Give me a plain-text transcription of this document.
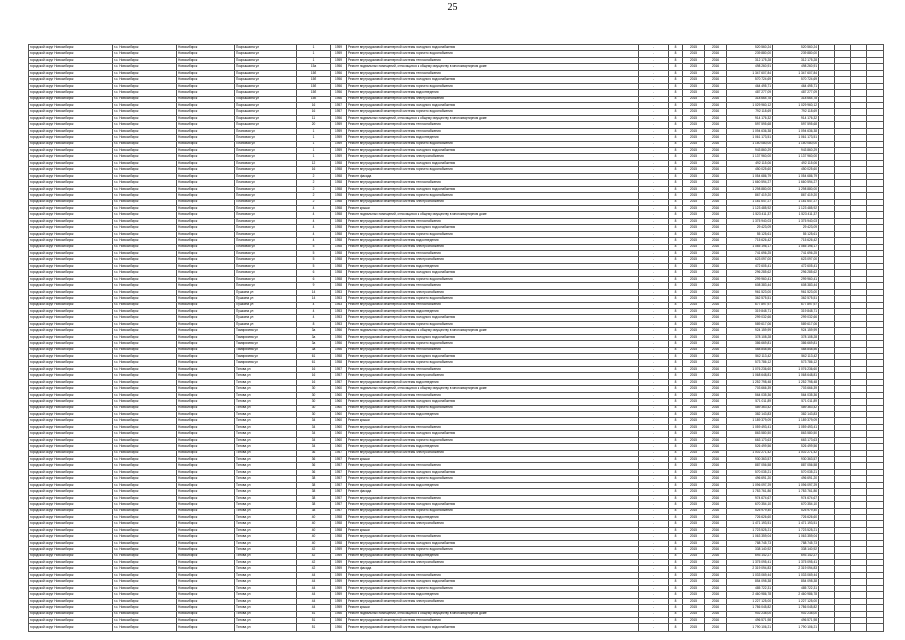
25
городской округ Новосибирск	г.о. Новосибирск	Новосибирск	Покрышкина ул	1	1959	Ремонт внутридомовой инженерной системы холодного водоснабжения	-	8	2015	2016	520 560,24	520 560,24				
городской округ Новосибирск	г.о. Новосибирск	Новосибирск	Покрышкина ул	1	1959	Ремонт внутридомовой инженерной системы горячего водоснабжения	-	8	2015	2016	239 880,00	239 880,00				
городской округ Новосибирск	г.о. Новосибирск	Новосибирск	Покрышкина ул	1	1959	Ремонт внутридомовой инженерной системы теплоснабжения	-	8	2015	2016	312 175,28	312 175,28				
городской округ Новосибирск	г.о. Новосибирск	Новосибирск	Покрышкина ул	15а	1956	Ремонт подвальных помещений, относящихся к общему имуществу в многоквартирном доме	-	8	2015	2016	498 260,91	498 260,91				
городской округ Новосибирск	г.о. Новосибирск	Новосибирск	Покрышкина ул	15б	1956	Ремонт внутридомовой инженерной системы теплоснабжения	-	8	2015	2016	1 347 607,84	1 347 607,84				
городской округ Новосибирск	г.о. Новосибирск	Новосибирск	Покрышкина ул	15б	1956	Ремонт внутридомовой инженерной системы холодного водоснабжения	-	8	2015	2016	570 724,69	570 724,69				
городской округ Новосибирск	г.о. Новосибирск	Новосибирск	Покрышкина ул	15б	1956	Ремонт внутридомовой инженерной системы горячего водоснабжения	-	8	2015	2016	464 495,71	464 495,71				
городской округ Новосибирск	г.о. Новосибирск	Новосибирск	Покрышкина ул	15б	1956	Ремонт внутридомовой инженерной системы водоотведения	-	8	2015	2016	487 277,09	487 277,09				
городской округ Новосибирск	г.о. Новосибирск	Новосибирск	Покрышкина ул	15б	1956	Ремонт внутридомовой инженерной системы электроснабжения	-	8	2015	2016	318 664,78	318 664,78				
городской округ Новосибирск	г.о. Новосибирск	Новосибирск	Покрышкина ул	16	1957	Ремонт внутридомовой инженерной системы холодного водоснабжения	-	8	2015	2016	1 029 960,12	1 029 960,12				
городской округ Новосибирск	г.о. Новосибирск	Новосибирск	Покрышкина ул	16	1957	Ремонт внутридомовой инженерной системы горячего водоснабжения	-	8	2015	2016	792 118,69	792 118,69				
городской округ Новосибирск	г.о. Новосибирск	Новосибирск	Покрышкина ул	11	1956	Ремонт подвальных помещений, относящихся к общему имуществу в многоквартирном доме	-	8	2015	2016	914 176,32	914 176,32				
городской округ Новосибирск	г.о. Новосибирск	Новосибирск	Покрышкина ул	20	1959	Ремонт внутридомовой инженерной системы теплоснабжения	-	8	2015	2016	597 595,68	597 595,68				
городской округ Новосибирск	г.о. Новосибирск	Новосибирск	Плановая ул	1	1959	Ремонт внутридомовой инженерной системы теплоснабжения	-	8	2015	2016	1 094 636,38	1 094 636,38				
городской округ Новосибирск	г.о. Новосибирск	Новосибирск	Плановая ул	1	1959	Ремонт внутридомовой инженерной системы водоотведения	-	8	2015	2016	1 061 173,51	1 061 173,51				
городской округ Новосибирск	г.о. Новосибирск	Новосибирск	Плановая ул	1	1959	Ремонт внутридомовой инженерной системы горячего водоснабжения	-	8	2015	2016	1 150 080,00	1 150 080,00				
городской округ Новосибирск	г.о. Новосибирск	Новосибирск	Плановая ул	1	1959	Ремонт внутридомовой инженерной системы холодного водоснабжения	-	8	2015	2016	943 860,29	943 860,29				
городской округ Новосибирск	г.о. Новосибирск	Новосибирск	Плановая ул	1	1959	Ремонт внутридомовой инженерной системы электроснабжения	-	8	2015	2016	1 137 960,00	1 137 960,00				
городской округ Новосибирск	г.о. Новосибирск	Новосибирск	Плановая ул	12	1958	Ремонт внутридомовой инженерной системы холодного водоснабжения	-	8	2015	2016	492 115,06	492 115,06				
городской округ Новосибирск	г.о. Новосибирск	Новосибирск	Плановая ул	16	1958	Ремонт внутридомовой инженерной системы горячего водоснабжения	-	8	2015	2016	450 025,60	450 025,60				
городской округ Новосибирск	г.о. Новосибирск	Новосибирск	Плановая ул	2	1958	Ремонт фасада	-	8	2015	2016	1 054 686,79	1 054 686,79				
городской округ Новосибирск	г.о. Новосибирск	Новосибирск	Плановая ул	2	1958	Ремонт внутридомовой инженерной системы теплоснабжения	-	8	2015	2016	1 660 594,27	1 660 594,27				
городской округ Новосибирск	г.о. Новосибирск	Новосибирск	Плановая ул	2	1958	Ремонт внутридомовой инженерной системы холодного водоснабжения	-	8	2015	2016	1 298 880,00	1 298 880,00				
городской округ Новосибирск	г.о. Новосибирск	Новосибирск	Плановая ул	2	1958	Ремонт внутридомовой инженерной системы горячего водоснабжения	-	8	2015	2016	867 419,20	867 419,20				
городской округ Новосибирск	г.о. Новосибирск	Новосибирск	Плановая ул	2	1958	Ремонт внутридомовой инженерной системы электроснабжения	-	8	2015	2016	1 181 647,27	1 181 647,27				
городской округ Новосибирск	г.о. Новосибирск	Новосибирск	Плановая ул	4	1958	Ремонт крыши	-	8	2015	2016	1 123 485,92	1 123 485,92				
городской округ Новосибирск	г.о. Новосибирск	Новосибирск	Плановая ул	4	1958	Ремонт подвальных помещений, относящихся к общему имуществу в многоквартирном доме	-	8	2015	2016	1 523 411,37	1 523 411,37				
городской округ Новосибирск	г.о. Новосибирск	Новосибирск	Плановая ул	4	1958	Ремонт внутридомовой инженерной системы теплоснабжения	-	8	2015	2016	1 375 940,03	1 375 940,03				
городской округ Новосибирск	г.о. Новосибирск	Новосибирск	Плановая ул	4	1958	Ремонт внутридомовой инженерной системы холодного водоснабжения	-	8	2015	2016	29 423,09	29 423,09				
городской округ Новосибирск	г.о. Новосибирск	Новосибирск	Плановая ул	4	1958	Ремонт внутридомовой инженерной системы горячего водоснабжения	-	8	2015	2016	55 125,61	55 125,61				
городской округ Новосибирск	г.о. Новосибирск	Новосибирск	Плановая ул	4	1958	Ремонт внутридомовой инженерной системы водоотведения	-	8	2015	2016	715 626,42	715 626,42				
городской округ Новосибирск	г.о. Новосибирск	Новосибирск	Плановая ул	5	1958	Ремонт внутридомовой инженерной системы электроснабжения	-	8	2015	2016	1 085 196,17	1 085 196,17				
городской округ Новосибирск	г.о. Новосибирск	Новосибирск	Плановая ул	5	1958	Ремонт внутридомовой инженерной системы теплоснабжения	-	8	2015	2016	741 696,25	741 696,25				
городской округ Новосибирск	г.о. Новосибирск	Новосибирск	Плановая ул	5	1958	Ремонт внутридомовой инженерной системы электроснабжения	-	8	2015	2016	623 097,00	623 097,00				
городской округ Новосибирск	г.о. Новосибирск	Новосибирск	Плановая ул	5	1958	Ремонт внутридомовой инженерной системы водоотведения	-	8	2015	2016	472 605,41	472 605,41				
городской округ Новосибирск	г.о. Новосибирск	Новосибирск	Плановая ул	6	1958	Ремонт внутридомовой инженерной системы холодного водоснабжения	-	8	2015	2016	296 285,62	296 285,62				
городской округ Новосибирск	г.о. Новосибирск	Новосибирск	Плановая ул	6	1958	Ремонт внутридомовой инженерной системы горячего водоснабжения	-	8	2015	2016	299 960,41	299 960,41				
городской округ Новосибирск	г.о. Новосибирск	Новосибирск	Плановая ул	9	1958	Ремонт внутридомовой инженерной системы теплоснабжения	-	8	2015	2016	608 383,44	608 383,44				
городской округ Новосибирск	г.о. Новосибирск	Новосибирск	Пушкина ул	14	1953	Ремонт внутридомовой инженерной системы электроснабжения	-	8	2015	2016	961 523,00	961 523,00				
городской округ Новосибирск	г.о. Новосибирск	Новосибирск	Пушкина ул	14	1953	Ремонт внутридомовой инженерной системы горячего водоснабжения	-	8	2015	2016	362 575,51	362 575,51				
городской округ Новосибирск	г.о. Новосибирск	Новосибирск	Пушкина ул	4	1953	Ремонт внутридомовой инженерной системы теплоснабжения	-	8	2015	2016	677 897,97	677 897,97				
городской округ Новосибирск	г.о. Новосибирск	Новосибирск	Пушкина ул	4	1953	Ремонт внутридомовой инженерной системы водоотведения	-	8	2015	2016	319 848,71	319 848,71				
городской округ Новосибирск	г.о. Новосибирск	Новосибирск	Пушкина ул	4	1953	Ремонт внутридомовой инженерной системы холодного водоснабжения	-	8	2015	2016	299 032,66	299 032,66				
городской округ Новосибирск	г.о. Новосибирск	Новосибирск	Пушкина ул	8	1953	Ремонт внутридомовой инженерной системы горячего водоснабжения	-	8	2015	2016	589 617,06	589 617,06				
городской округ Новосибирск	г.о. Новосибирск	Новосибирск	Тимирязева ул	3а	1956	Ремонт подвальных помещений, относящихся к общему имуществу в многоквартирном доме	-	8	2015	2016	924 159,99	924 159,99				
городской округ Новосибирск	г.о. Новосибирск	Новосибирск	Тимирязева ул	3а	1956	Ремонт внутридомовой инженерной системы холодного водоснабжения	-	8	2015	2016	378 108,28	378 108,28				
городской округ Новосибирск	г.о. Новосибирск	Новосибирск	Тимирязева ул	3а	1956	Ремонт внутридомовой инженерной системы горячего водоснабжения	-	8	2015	2016	386 669,81	386 669,81				
городской округ Новосибирск	г.о. Новосибирск	Новосибирск	Тимирязева ул	3а	1956	Ремонт внутридомовой инженерной системы теплоснабжения	-	8	2015	2016	468 848,56	468 848,56				
городской округ Новосибирск	г.о. Новосибирск	Новосибирск	Тимирязева ул	61	1958	Ремонт внутридомовой инженерной системы холодного водоснабжения	-	8	2015	2016	562 113,42	562 113,42				
городской округ Новосибирск	г.о. Новосибирск	Новосибирск	Тимирязева ул	61	1958	Ремонт внутридомовой инженерной системы горячего водоснабжения	-	8	2015	2016	573 786,12	573 786,12				
городской округ Новосибирск	г.о. Новосибирск	Новосибирск	Титова ул	16	1957	Ремонт внутридомовой инженерной системы теплоснабжения	-	8	2015	2016	1 076 236,60	1 076 236,60				
городской округ Новосибирск	г.о. Новосибирск	Новосибирск	Титова ул	16	1957	Ремонт внутридомовой инженерной системы электроснабжения	-	8	2015	2016	1 068 648,81	1 068 648,81				
городской округ Новосибирск	г.о. Новосибирск	Новосибирск	Титова ул	16	1957	Ремонт внутридомовой инженерной системы водоотведения	-	8	2015	2016	1 252 798,48	1 252 798,48				
городской округ Новосибирск	г.о. Новосибирск	Новосибирск	Титова ул	30	1960	Ремонт подвальных помещений, относящихся к общему имуществу в многоквартирном доме	-	8	2015	2016	703 666,39	703 666,39				
городской округ Новосибирск	г.о. Новосибирск	Новосибирск	Титова ул	30	1960	Ремонт внутридомовой инженерной системы теплоснабжения	-	8	2015	2016	564 035,36	564 035,36				
городской округ Новосибирск	г.о. Новосибирск	Новосибирск	Титова ул	30	1960	Ремонт внутридомовой инженерной системы холодного водоснабжения	-	8	2015	2016	571 011,89	571 011,89				
городской округ Новосибирск	г.о. Новосибирск	Новосибирск	Титова ул	30	1960	Ремонт внутридомовой инженерной системы горячего водоснабжения	-	8	2015	2016	489 363,42	489 363,42				
городской округ Новосибирск	г.о. Новосибирск	Новосибирск	Титова ул	30	1960	Ремонт внутридомовой инженерной системы водоотведения	-	8	2015	2016	382 143,83	382 143,83				
городской округ Новосибирск	г.о. Новосибирск	Новосибирск	Титова ул	34	1960	Ремонт крыши	-	8	2015	2016	1 189 379,09	1 189 379,09				
городской округ Новосибирск	г.о. Новосибирск	Новосибирск	Титова ул	34	1960	Ремонт внутридомовой инженерной системы теплоснабжения	-	8	2015	2016	1 059 493,41	1 059 493,41				
городской округ Новосибирск	г.о. Новосибирск	Новосибирск	Титова ул	34	1960	Ремонт внутридомовой инженерной системы холодного водоснабжения	-	8	2015	2016	863 580,50	863 580,50				
городской округ Новосибирск	г.о. Новосибирск	Новосибирск	Титова ул	34	1960	Ремонт внутридомовой инженерной системы горячего водоснабжения	-	8	2015	2016	663 173,63	663 173,63				
городской округ Новосибирск	г.о. Новосибирск	Новосибирск	Титова ул	34	1960	Ремонт внутридомовой инженерной системы водоотведения	-	8	2015	2016	526 499,56	526 499,56				
городской округ Новосибирск	г.о. Новосибирск	Новосибирск	Титова ул	36	1957	Ремонт внутридомовой инженерной системы электроснабжения	-	8	2015	2016	1 002 271,42	1 002 271,42				
городской округ Новосибирск	г.о. Новосибирск	Новосибирск	Титова ул	36	1957	Ремонт крыши	-	8	2015	2016	930 363,57	930 363,57				
городской округ Новосибирск	г.о. Новосибирск	Новосибирск	Титова ул	36	1957	Ремонт внутридомовой инженерной системы теплоснабжения	-	8	2015	2016	887 056,58	887 056,58				
городской округ Новосибирск	г.о. Новосибирск	Новосибирск	Титова ул	36	1957	Ремонт внутридомовой инженерной системы холодного водоснабжения	-	8	2015	2016	570 035,21	570 035,21				
городской округ Новосибирск	г.о. Новосибирск	Новосибирск	Титова ул	38	1957	Ремонт внутридомовой инженерной системы горячего водоснабжения	-	8	2015	2016	496 691,20	496 691,20				
городской округ Новосибирск	г.о. Новосибирск	Новосибирск	Титова ул	38	1957	Ремонт внутридомовой инженерной системы водоотведения	-	8	2015	2016	1 096 097,29	1 096 097,29				
городской округ Новосибирск	г.о. Новосибирск	Новосибирск	Титова ул	38	1957	Ремонт фасада	-	8	2015	2016	1 783 761,86	1 783 761,86				
городской округ Новосибирск	г.о. Новосибирск	Новосибирск	Титова ул	38	1957	Ремонт внутридомовой инженерной системы теплоснабжения	-	8	2015	2016	974 674,67	974 674,67				
городской округ Новосибирск	г.о. Новосибирск	Новосибирск	Титова ул	38	1957	Ремонт внутридомовой инженерной системы холодного водоснабжения	-	8	2015	2016	670 354,10	670 354,10				
городской округ Новосибирск	г.о. Новосибирск	Новосибирск	Титова ул	38	1957	Ремонт внутридомовой инженерной системы горячего водоснабжения	-	8	2015	2016	525 979,40	525 979,40				
городской округ Новосибирск	г.о. Новосибирск	Новосибирск	Титова ул	40	1958	Ремонт внутридомовой инженерной системы водоотведения	-	8	2015	2016	726 626,60	726 626,60				
городской округ Новосибирск	г.о. Новосибирск	Новосибирск	Титова ул	40	1958	Ремонт внутридомовой инженерной системы электроснабжения	-	8	2015	2016	1 471 193,51	1 471 193,51				
городской округ Новосибирск	г.о. Новосибирск	Новосибирск	Титова ул	40	1958	Ремонт крыши	-	8	2015	2016	1 723 525,21	1 723 525,21				
городской округ Новосибирск	г.о. Новосибирск	Новосибирск	Титова ул	40	1958	Ремонт внутридомовой инженерной системы теплоснабжения	-	8	2015	2016	1 063 359,04	1 063 359,04				
городской округ Новосибирск	г.о. Новосибирск	Новосибирск	Титова ул	40	1958	Ремонт внутридомовой инженерной системы холодного водоснабжения	-	8	2015	2016	788 745,73	788 745,73				
городской округ Новосибирск	г.о. Новосибирск	Новосибирск	Титова ул	42	1959	Ремонт внутридомовой инженерной системы горячего водоснабжения	-	8	2015	2016	338 140,92	338 140,92				
городской округ Новосибирск	г.о. Новосибирск	Новосибирск	Титова ул	42	1959	Ремонт внутридомовой инженерной системы водоотведения	-	8	2015	2016	693 142,27	693 142,27				
городской округ Новосибирск	г.о. Новосибирск	Новосибирск	Титова ул	42	1959	Ремонт внутридомовой инженерной системы электроснабжения	-	8	2015	2016	1 375 095,41	1 375 095,41				
городской округ Новосибирск	г.о. Новосибирск	Новосибирск	Титова ул	42	1959	Ремонт фасада	-	8	2015	2016	2 319 094,83	2 319 094,83				
городской округ Новосибирск	г.о. Новосибирск	Новосибирск	Титова ул	44	1959	Ремонт внутридомовой инженерной системы теплоснабжения	-	8	2015	2016	1 033 069,44	1 033 069,44				
городской округ Новосибирск	г.о. Новосибирск	Новосибирск	Титова ул	44	1959	Ремонт внутридомовой инженерной системы холодного водоснабжения	-	8	2015	2016	854 098,38	854 098,38				
городской округ Новосибирск	г.о. Новосибирск	Новосибирск	Титова ул	44	1959	Ремонт внутридомовой инженерной системы горячего водоснабжения	-	8	2015	2016	485 722,31	485 722,31				
городской округ Новосибирск	г.о. Новосибирск	Новосибирск	Титова ул	44	1959	Ремонт внутридомовой инженерной системы водоотведения	-	8	2015	2016	2 460 986,78	2 460 986,78				
городской округ Новосибирск	г.о. Новосибирск	Новосибирск	Титова ул	44	1959	Ремонт внутридомовой инженерной системы электроснабжения	-	8	2015	2016	1 227 125,00	1 227 125,00				
городской округ Новосибирск	г.о. Новосибирск	Новосибирск	Титова ул	44	1959	Ремонт крыши	-	8	2015	2016	1 786 045,82	1 786 045,82				
городской округ Новосибирск	г.о. Новосибирск	Новосибирск	Титова ул	51	1956	Ремонт подвальных помещений, относящихся к общему имуществу в многоквартирном доме	-	8	2015	2016	902 238,00	902 238,00				
городской округ Новосибирск	г.о. Новосибирск	Новосибирск	Титова ул	51	1956	Ремонт внутридомовой инженерной системы теплоснабжения	-	8	2015	2016	496 571,98	496 571,98				
городской округ Новосибирск	г.о. Новосибирск	Новосибирск	Титова ул	51	1956	Ремонт внутридомовой инженерной системы холодного водоснабжения	-	8	2015	2016	1 790 106,21	1 790 106,21				
